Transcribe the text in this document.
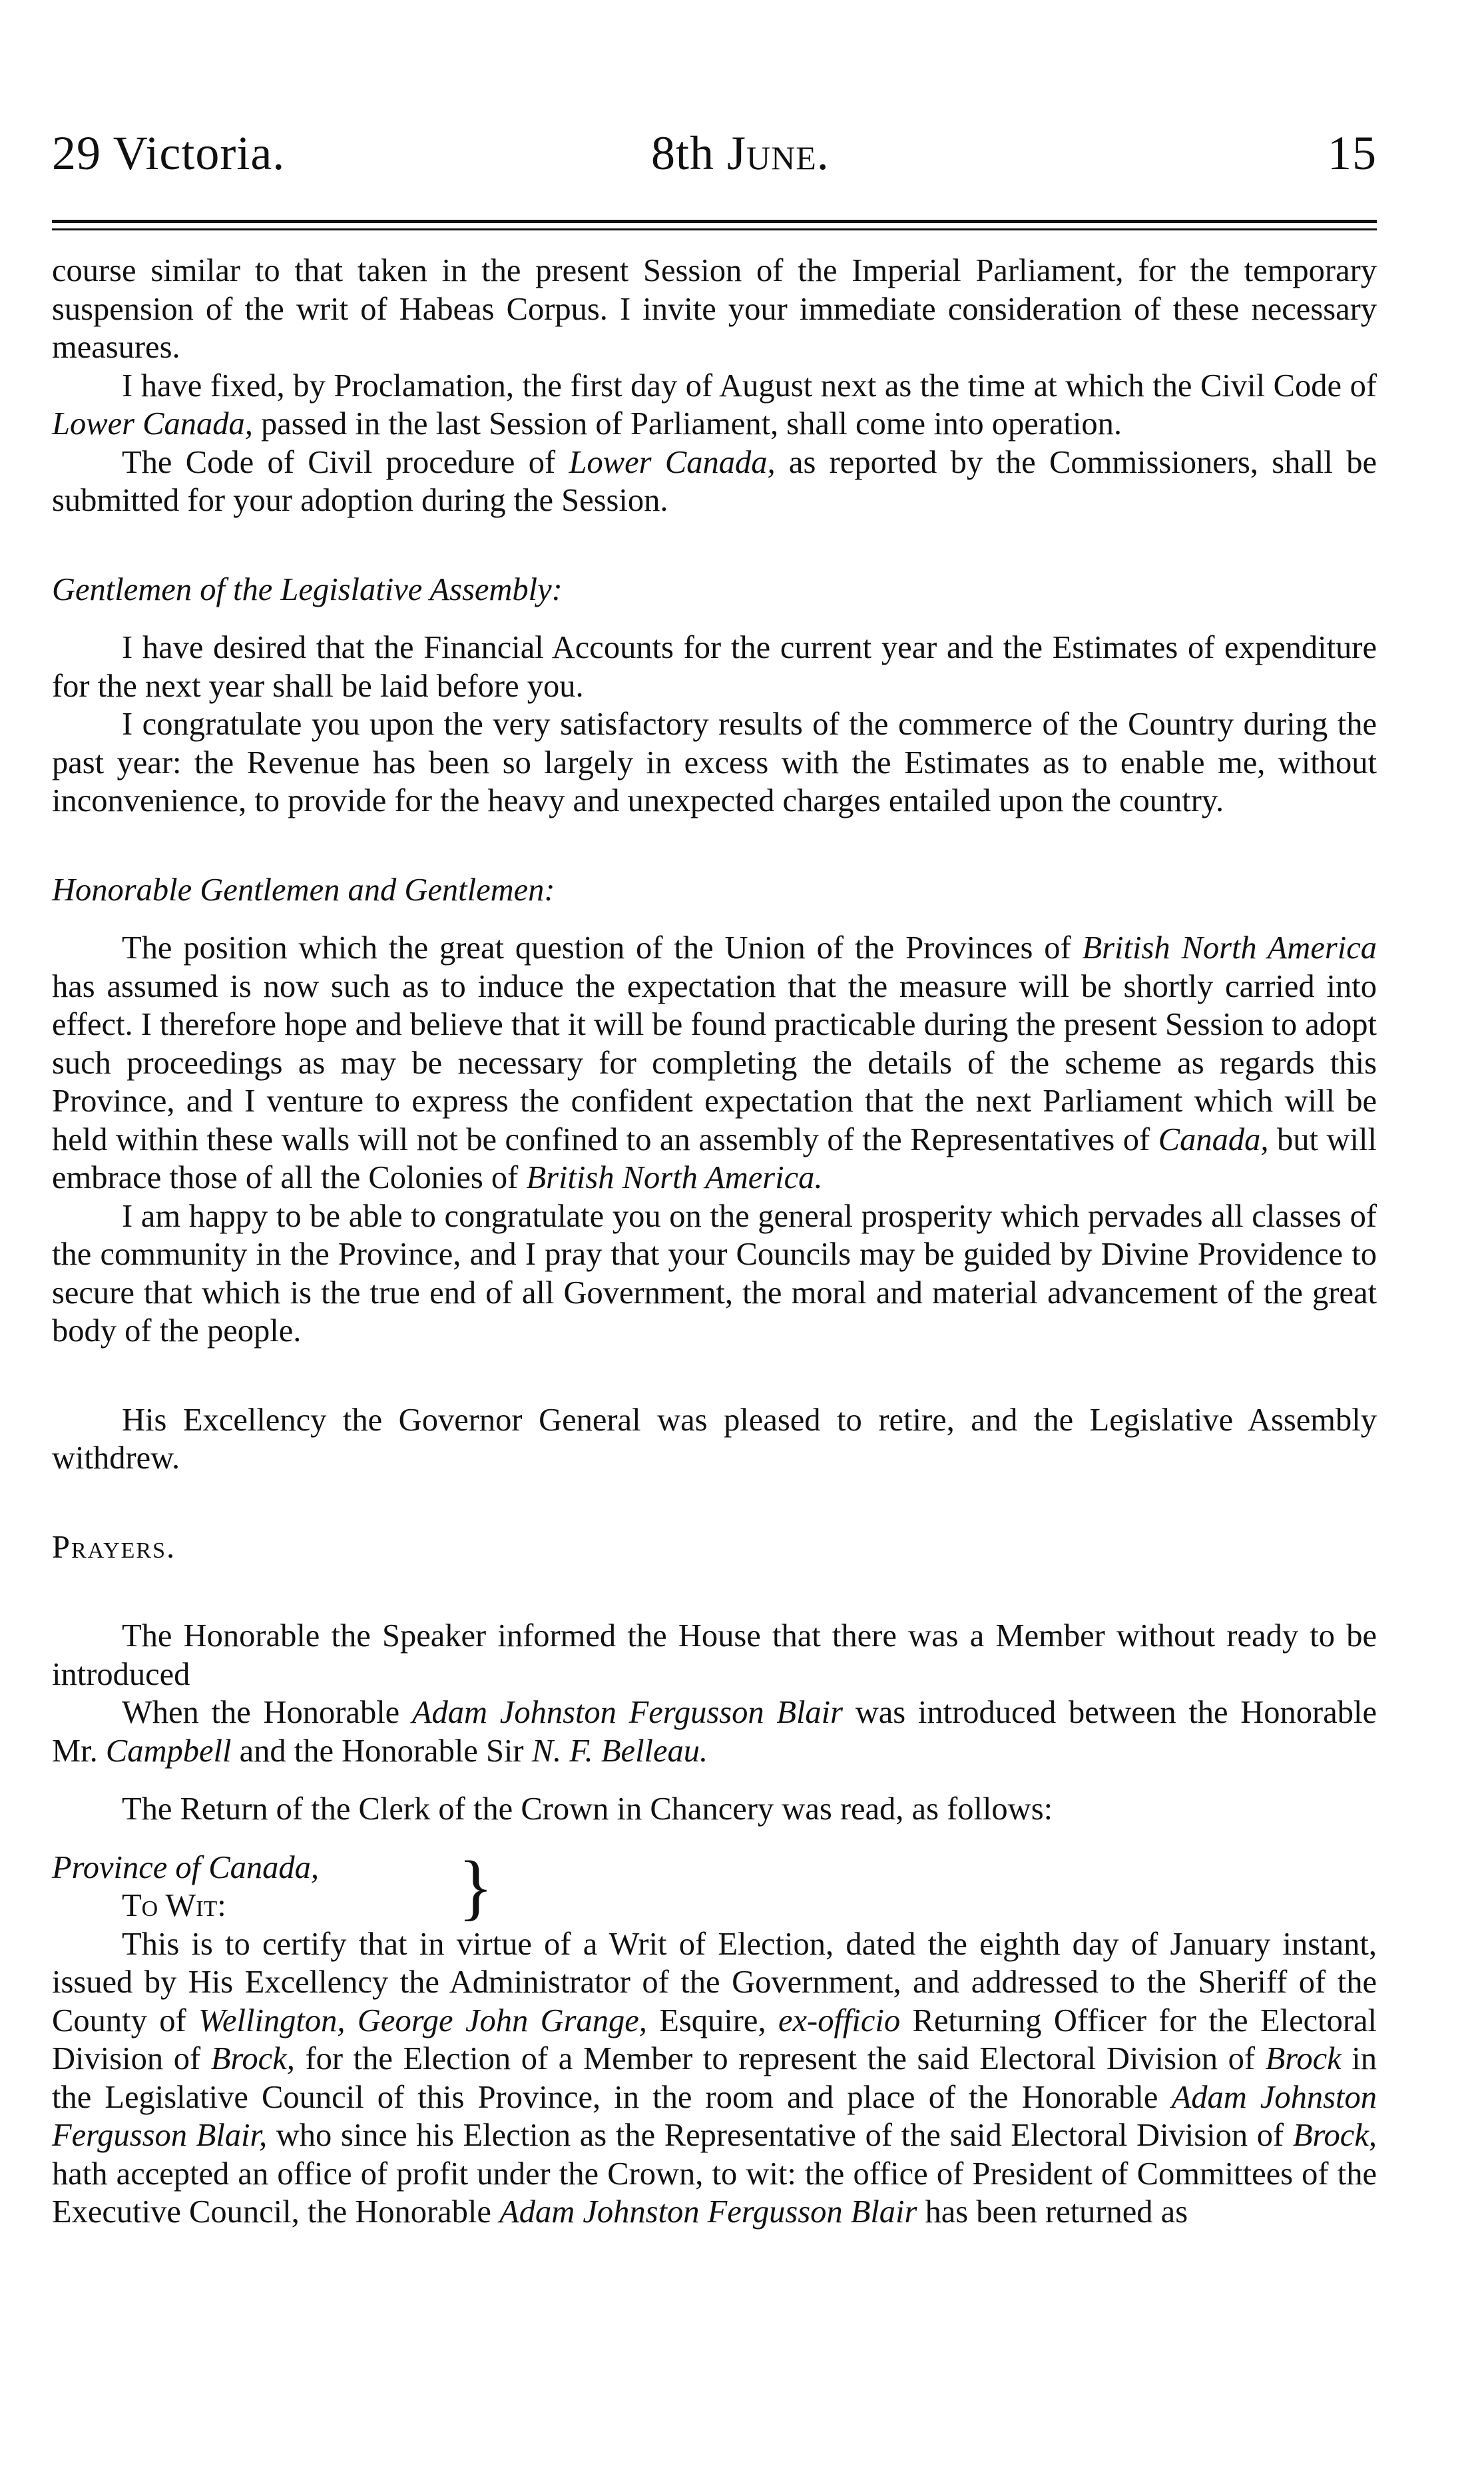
29 Victoria.	8th June.	15

course similar to that taken in the present Session of the Imperial Parliament, for the temporary suspension of the writ of Habeas Corpus. I invite your immediate consideration of these necessary measures.

I have fixed, by Proclamation, the first day of August next as the time at which the Civil Code of Lower Canada, passed in the last Session of Parliament, shall come into operation.

The Code of Civil procedure of Lower Canada, as reported by the Commissioners, shall be submitted for your adoption during the Session.

Gentlemen of the Legislative Assembly:

I have desired that the Financial Accounts for the current year and the Estimates of expenditure for the next year shall be laid before you.

I congratulate you upon the very satisfactory results of the commerce of the Country during the past year: the Revenue has been so largely in excess with the Estimates as to enable me, without inconvenience, to provide for the heavy and unexpected charges entailed upon the country.

Honorable Gentlemen and Gentlemen:

The position which the great question of the Union of the Provinces of British North America has assumed is now such as to induce the expectation that the measure will be shortly carried into effect. I therefore hope and believe that it will be found practicable during the present Session to adopt such proceedings as may be necessary for completing the details of the scheme as regards this Province, and I venture to express the confident expectation that the next Parliament which will be held within these walls will not be confined to an assembly of the Representatives of Canada, but will embrace those of all the Colonies of British North America.

I am happy to be able to congratulate you on the general prosperity which pervades all classes of the community in the Province, and I pray that your Councils may be guided by Divine Providence to secure that which is the true end of all Government, the moral and material advancement of the great body of the people.

His Excellency the Governor General was pleased to retire, and the Legislative Assembly withdrew.

Prayers.

The Honorable the Speaker informed the House that there was a Member without ready to be introduced

When the Honorable Adam Johnston Fergusson Blair was introduced between the Honorable Mr. Campbell and the Honorable Sir N. F. Belleau.

The Return of the Clerk of the Crown in Chancery was read, as follows:

Province of Canada,

To Wit:	}

This is to certify that in virtue of a Writ of Election, dated the eighth day of January instant, issued by His Excellency the Administrator of the Government, and addressed to the Sheriff of the County of Wellington, George John Grange, Esquire, ex-officio Returning Officer for the Electoral Division of Brock, for the Election of a Member to represent the said Electoral Division of Brock in the Legislative Council of this Province, in the room and place of the Honorable Adam Johnston Fergusson Blair, who since his Election as the Representative of the said Electoral Division of Brock, hath accepted an office of profit under the Crown, to wit: the office of President of Committees of the Executive Council, the Honorable Adam Johnston Fergusson Blair has been returned as
